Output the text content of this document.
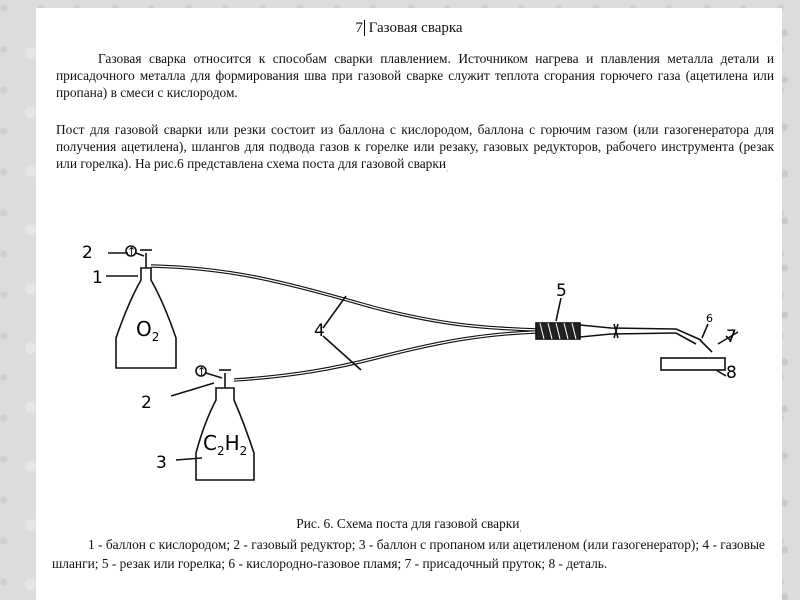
7 Газовая сварка
Газовая сварка относится к способам сварки плавлением. Источником нагрева и плавления металла детали и присадочного металла для формирования шва при газовой сварке служит теплота сгорания горючего газа (ацетилена или пропана) в смеси с кислородом.
Пост для газовой сварки или резки состоит из баллона с кислородом, баллона с горючим газом (или газогенератора для получения ацетилена), шлангов для подвода газов к горелке или резаку, газовых редукторов, рабочего инструмента (резак или горелка). На рис.6 представлена схема поста для газовой сварки$_.$
2
1
4
5
2
3
6
7
8
↑
↑
$O_2$
$C_2H_2$
Рис. 6. Схема поста для газовой сварки$_.$
1 - баллон с кислородом; 2 - газовый редуктор; 3 - баллон с пропаном или ацетиленом (или газогенератор); 4 - газовые шланги; 5 - резак или горелка; 6 - кислородно-газовое пламя; 7 - присадочный пруток; 8 - деталь.
